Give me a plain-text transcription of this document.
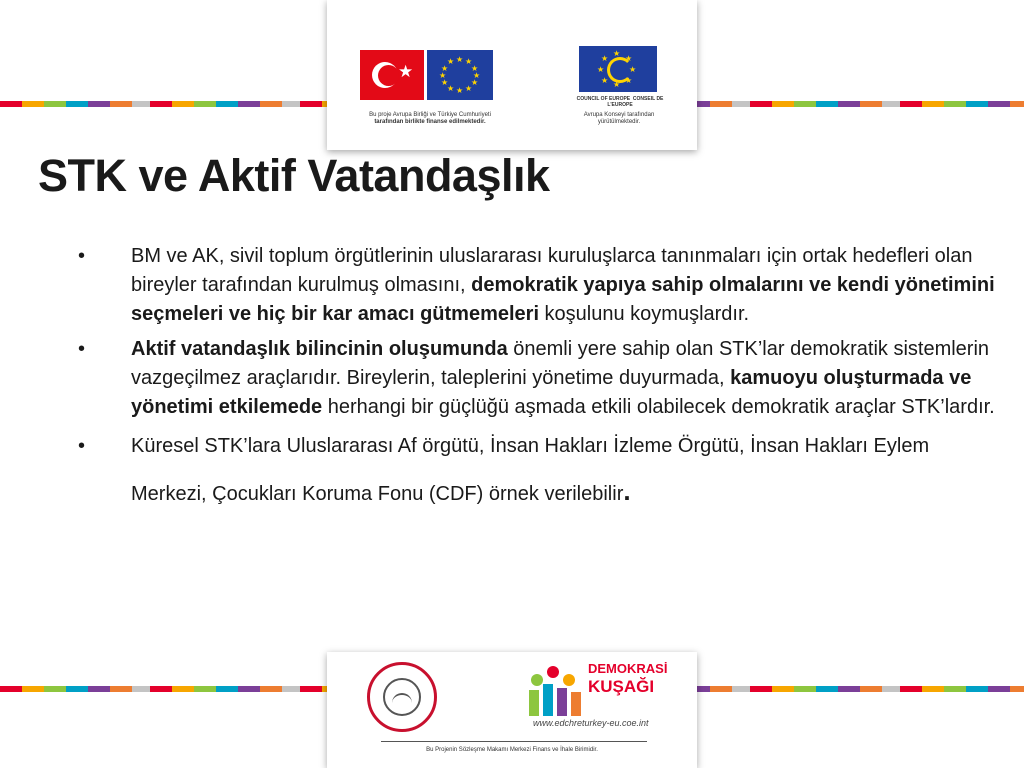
★
★ ★
★
★
★
★
★
★
★
★
★
★
Bu proje Avrupa Birliği ve Türkiye Cumhuriyeti
tarafından birlikte finanse edilmektedir.
★
★
★
★
★
★
★
★
COUNCIL OF EUROPE CONSEIL DE L'EUROPE
Avrupa Konseyi tarafından
yürütülmektedir.
STK ve Aktif Vatandaşlık
• BM ve AK, sivil toplum örgütlerinin uluslararası kuruluşlarca tanınmaları için ortak hedefleri olan bireyler tarafından kurulmuş olmasını, demokratik yapıya sahip olmalarını ve kendi yönetimini seçmeleri ve hiç bir kar amacı gütmemeleri koşulunu koymuşlardır.
• Aktif vatandaşlık bilincinin oluşumunda önemli yere sahip olan STK’lar demokratik sistemlerin vazgeçilmez araçlarıdır. Bireylerin, taleplerini yönetime duyurmada, kamuoyu oluşturmada ve yönetimi etkilemede herhangi bir güçlüğü aşmada etkili olabilecek demokratik araçlar STK’lardır.
• Küresel STK’lara Uluslararası Af örgütü, İnsan Hakları İzleme Örgütü, İnsan Hakları Eylem Merkezi, Çocukları Koruma Fonu (CDF) örnek verilebilir.
DEMOKRASİ
KUŞAĞI
www.edchreturkey-eu.coe.int
Bu Projenin Sözleşme Makamı Merkezi Finans ve İhale Birimidir.
